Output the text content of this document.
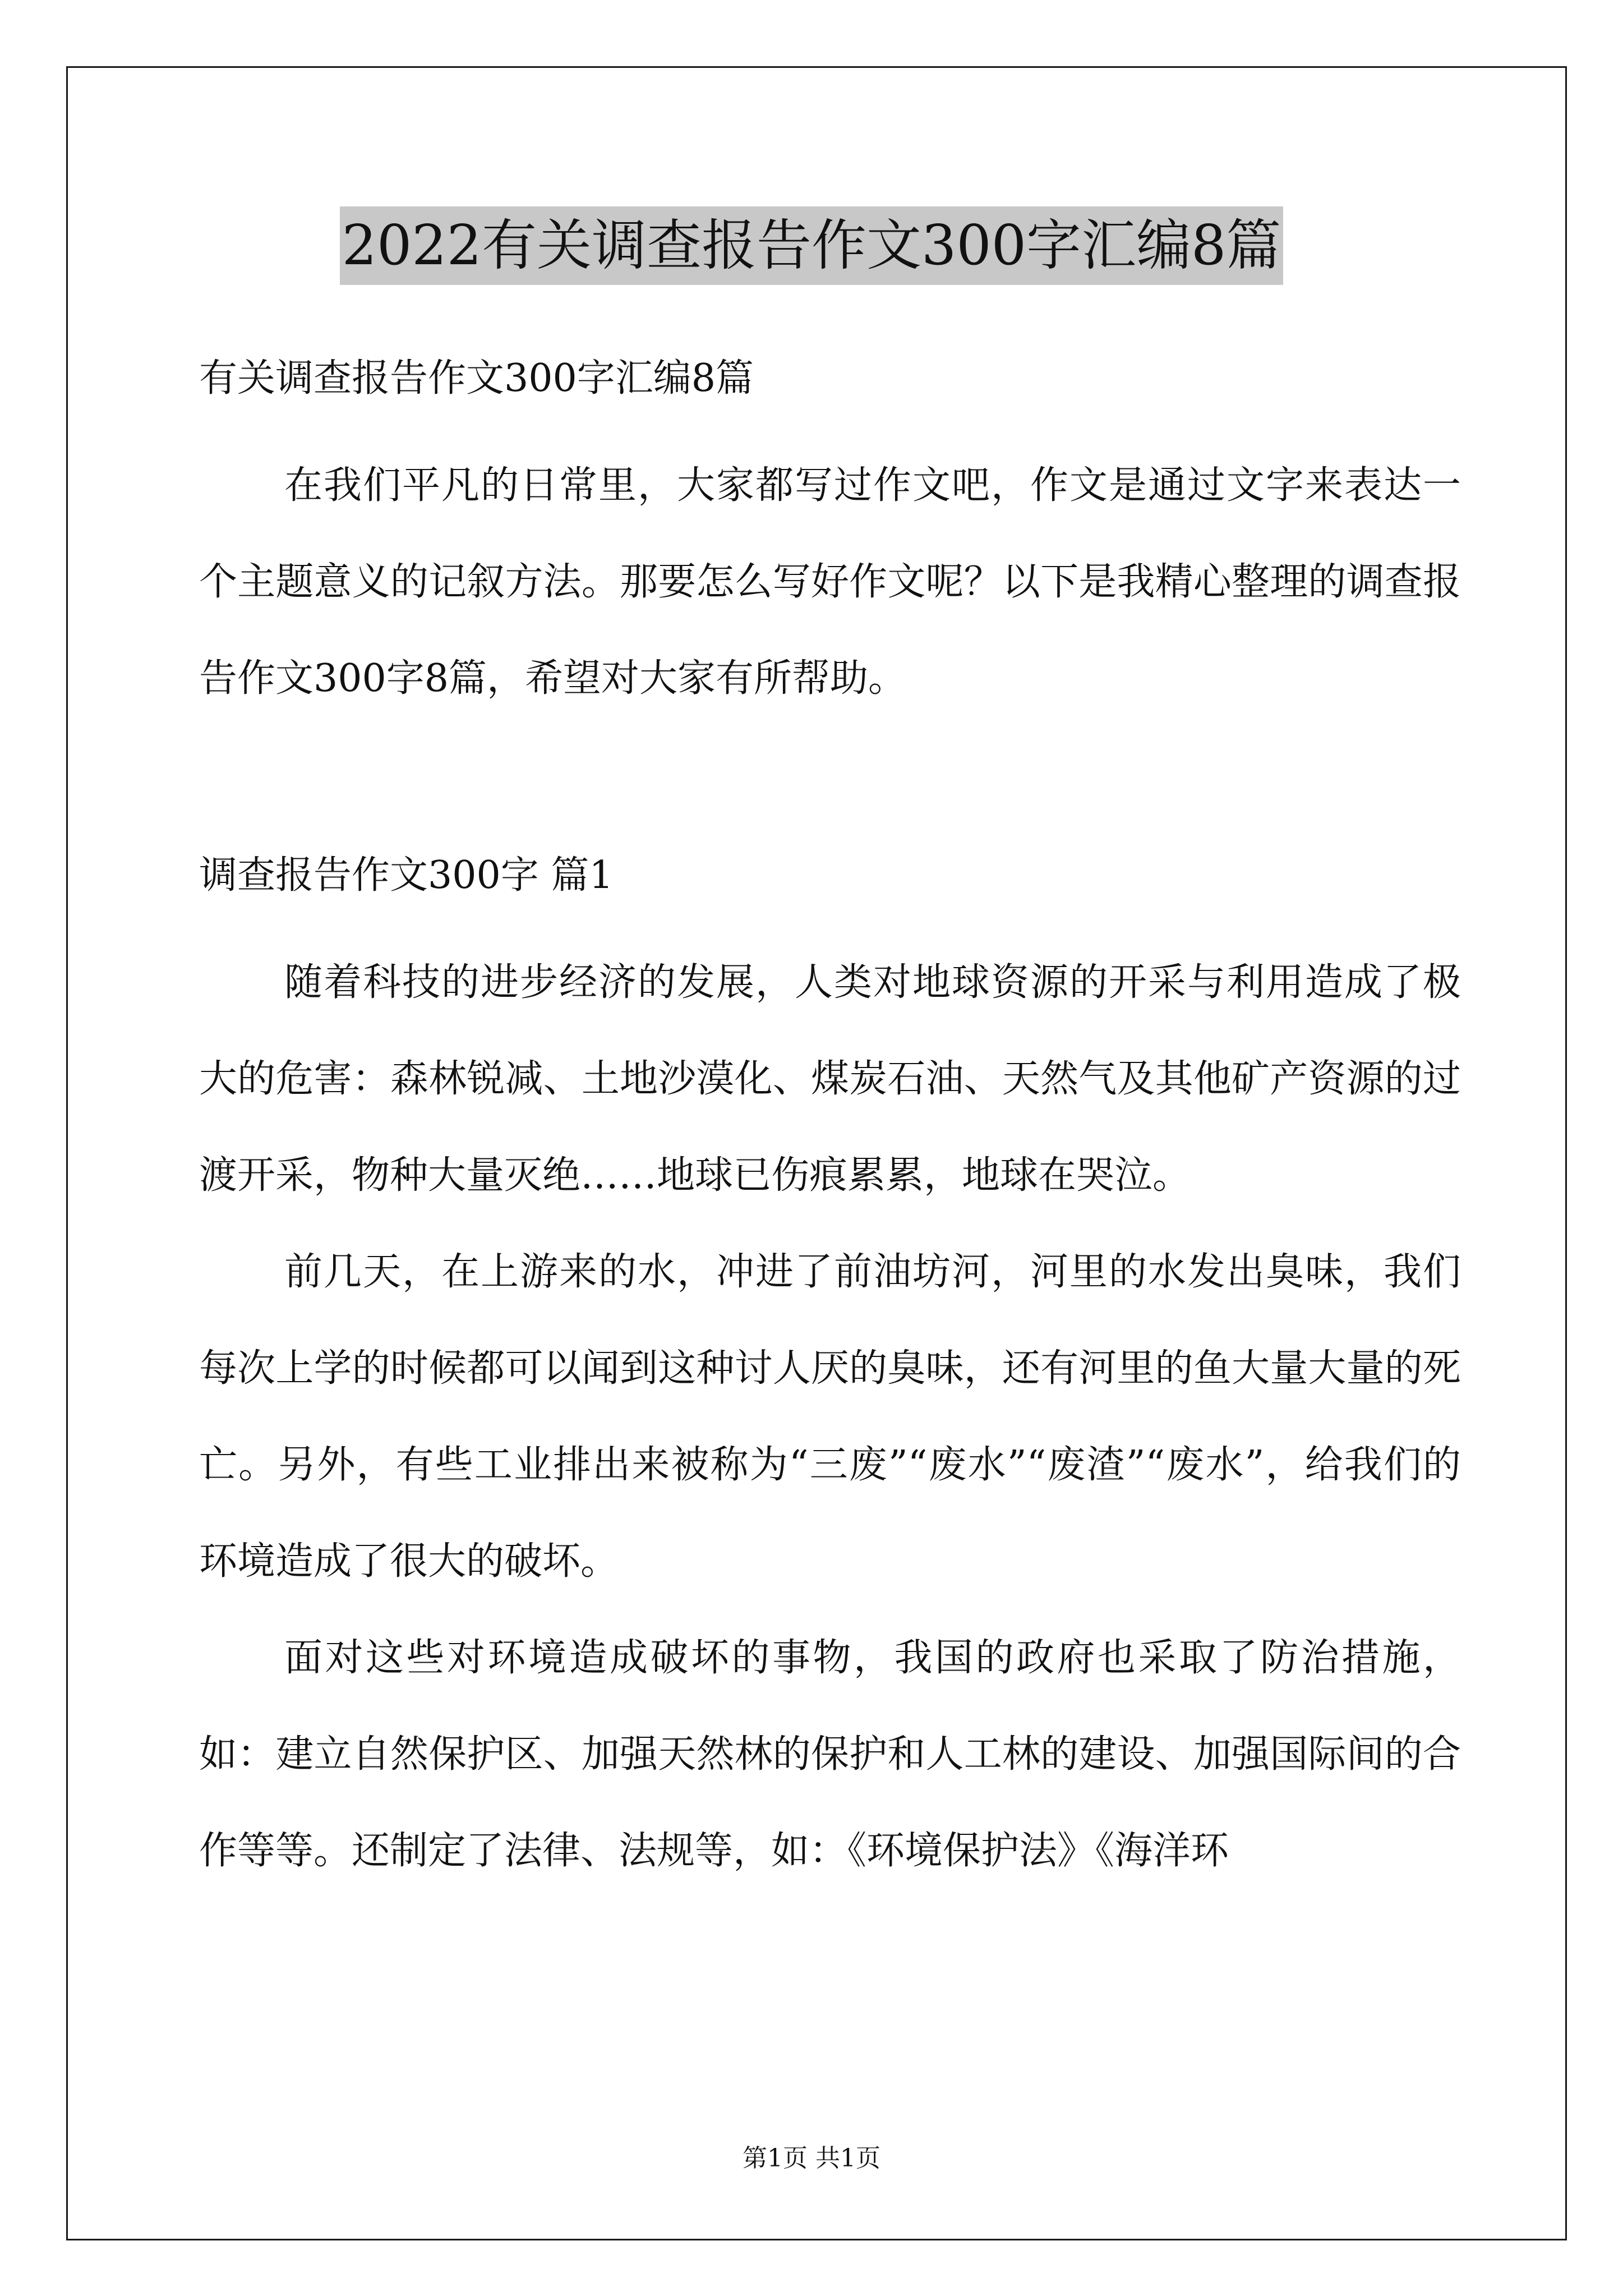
2022有关调查报告作文300字汇编8篇

有关调查报告作文300字汇编8篇

在我们平凡的日常里，大家都写过作文吧，作文是通过文字来表达一个主题意义的记叙方法。那要怎么写好作文呢？以下是我精心整理的调查报告作文300字8篇，希望对大家有所帮助。

调查报告作文300字 篇1

随着科技的进步经济的发展，人类对地球资源的开采与利用造成了极大的危害：森林锐减、土地沙漠化、煤炭石油、天然气及其他矿产资源的过渡开采，物种大量灭绝……地球已伤痕累累，地球在哭泣。

前几天，在上游来的水，冲进了前油坊河，河里的水发出臭味，我们每次上学的时候都可以闻到这种讨人厌的臭味，还有河里的鱼大量大量的死亡。另外，有些工业排出来被称为“三废”“废水”“废渣”“废水”，给我们的环境造成了很大的破坏。

面对这些对环境造成破坏的事物，我国的政府也采取了防治措施，如：建立自然保护区、加强天然林的保护和人工林的建设、加强国际间的合作等等。还制定了法律、法规等，如：《环境保护法》《海洋环

第1页 共1页
